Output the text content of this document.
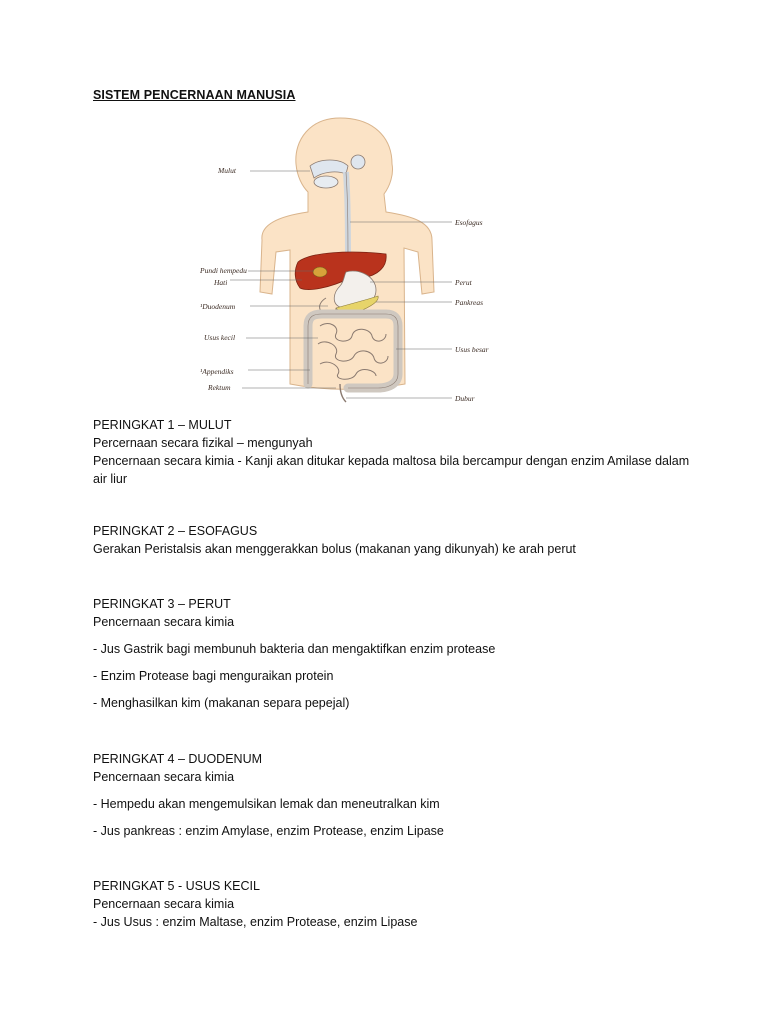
SISTEM PENCERNAAN MANUSIA
Mulut
Pundi hempedu
Hati
¹Duodenum
Usus kecil
¹Appendiks
Rektum
Esofagus
Perut
Pankreas
Usus besar
Dubur
PERINGKAT 1 – MULUT
Percernaan secara fizikal – mengunyah
Pencernaan secara kimia - Kanji akan ditukar kepada maltosa bila bercampur dengan enzim Amilase dalam air liur
PERINGKAT 2 – ESOFAGUS
Gerakan Peristalsis akan menggerakkan bolus (makanan yang dikunyah) ke arah perut
PERINGKAT 3 – PERUT
Pencernaan secara kimia
- Jus Gastrik bagi membunuh bakteria dan mengaktifkan enzim protease
- Enzim Protease bagi menguraikan protein
- Menghasilkan kim (makanan separa pepejal)
PERINGKAT 4 – DUODENUM
Pencernaan secara kimia
- Hempedu akan mengemulsikan lemak dan meneutralkan kim
- Jus pankreas : enzim Amylase, enzim Protease, enzim Lipase
PERINGKAT 5 - USUS KECIL
Pencernaan secara kimia
- Jus Usus : enzim Maltase, enzim Protease, enzim Lipase
